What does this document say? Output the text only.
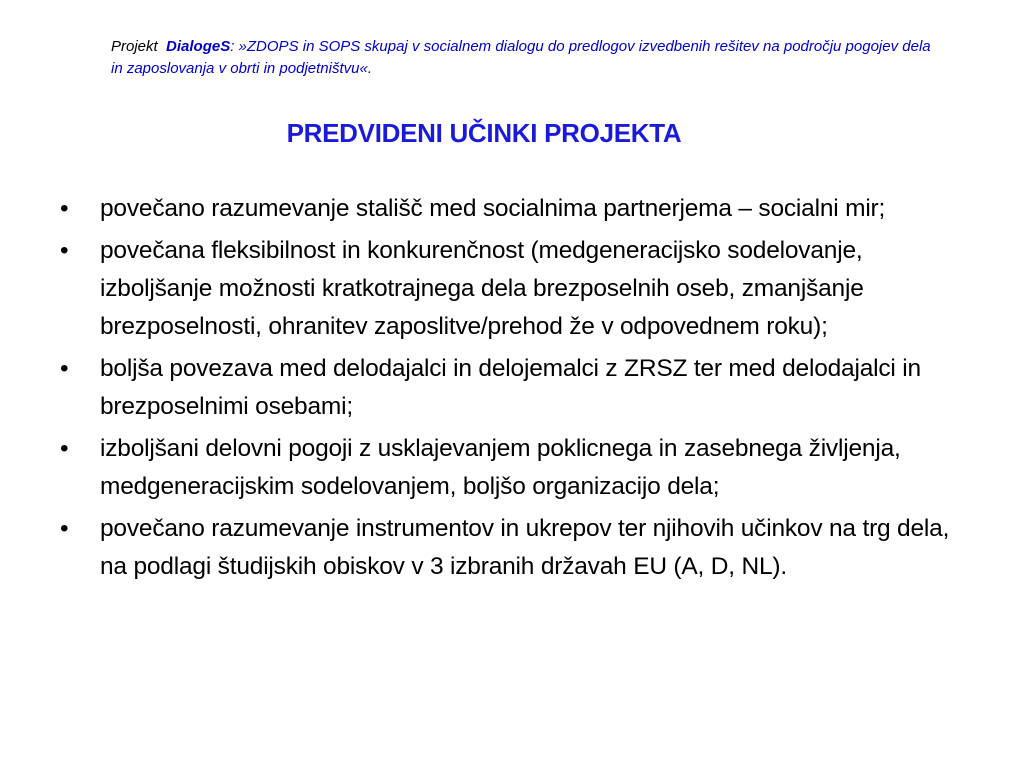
Projekt DialogeS: »ZDOPS in SOPS skupaj v socialnem dialogu do predlogov izvedbenih rešitev na področju pogojev dela in zaposlovanja v obrti in podjetništvu«.
PREDVIDENI UČINKI PROJEKTA
•	povečano razumevanje stališč med socialnima partnerjema – socialni mir;
•	povečana fleksibilnost in konkurenčnost (medgeneracijsko sodelovanje, izboljšanje možnosti kratkotrajnega dela brezposelnih oseb, zmanjšanje brezposelnosti, ohranitev zaposlitve/prehod že v odpovednem roku);
•	boljša povezava med delodajalci in delojemalci z ZRSZ ter med delodajalci in brezposelnimi osebami;
•	izboljšani delovni pogoji z usklajevanjem poklicnega in zasebnega življenja, medgeneracijskim sodelovanjem, boljšo organizacijo dela;
•	povečano razumevanje instrumentov in ukrepov ter njihovih učinkov na trg dela, na podlagi študijskih obiskov v 3 izbranih državah EU (A, D, NL).
